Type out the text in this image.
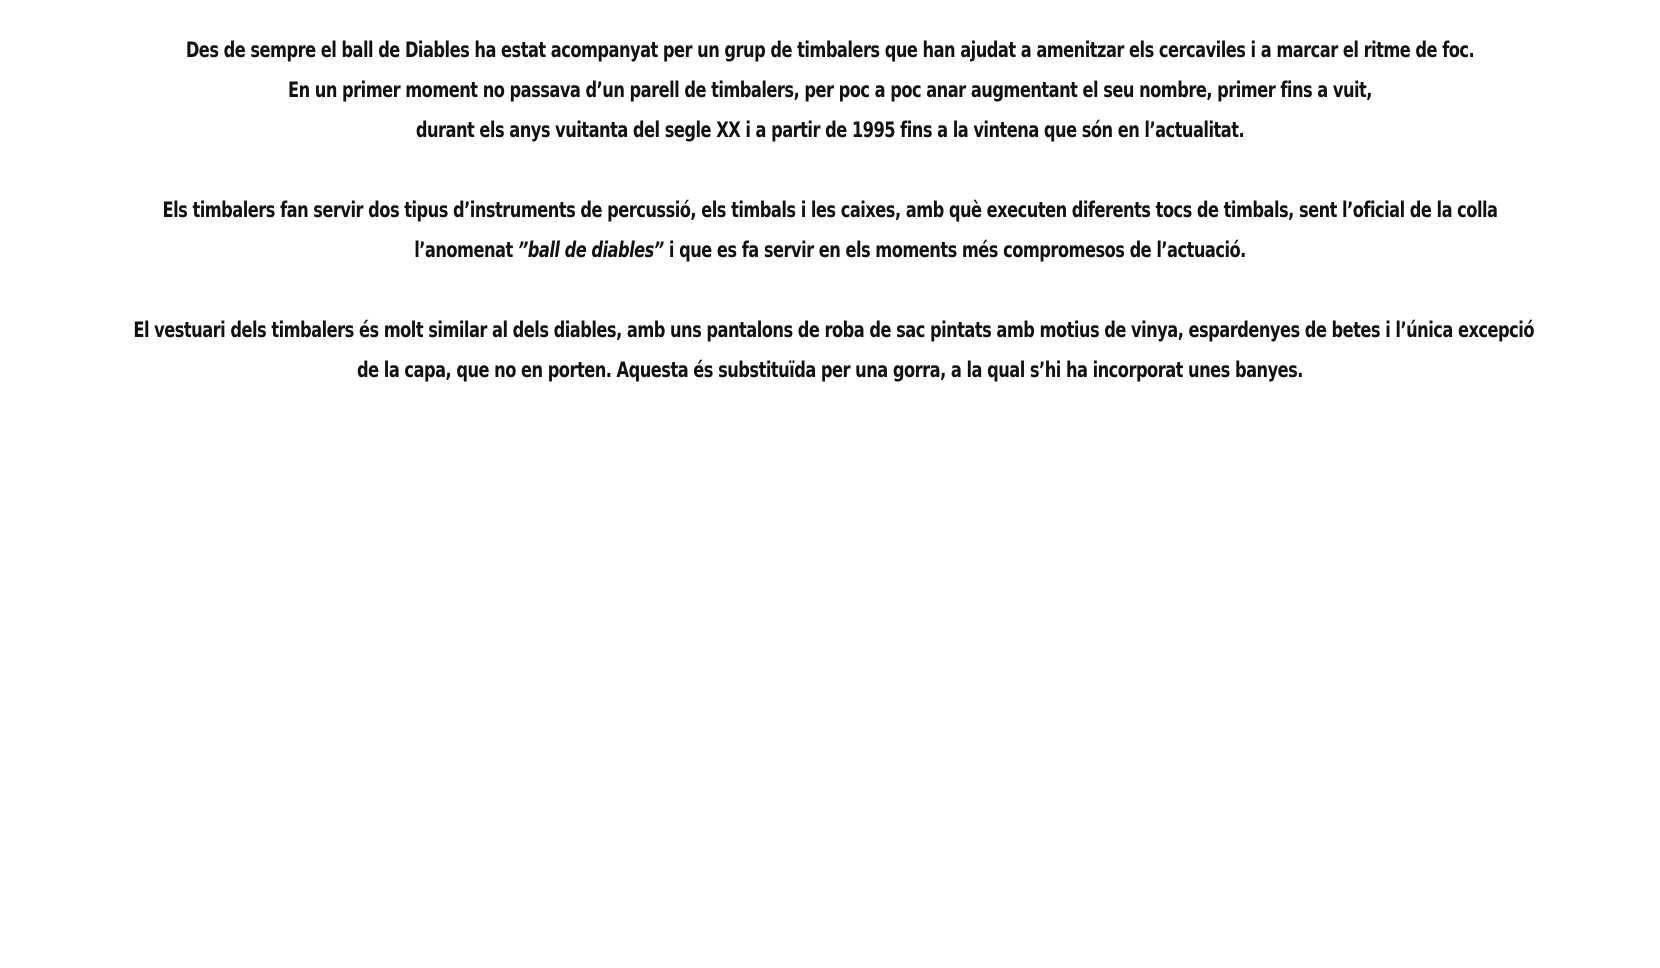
Des de sempre el ball de Diables ha estat acompanyat per un grup de timbalers que han ajudat a amenitzar els cercaviles i a marcar el ritme de foc.
En un primer moment no passava d’un parell de timbalers, per poc a poc anar augmentant el seu nombre, primer fins a vuit,
durant els anys vuitanta del segle XX i a partir de 1995 fins a la vintena que són en l’actualitat.

Els timbalers fan servir dos tipus d’instruments de percussió, els timbals i les caixes, amb què executen diferents tocs de timbals, sent l’oficial de la colla
l’anomenat ”ball de diables” i que es fa servir en els moments més compromesos de l’actuació.

El vestuari dels timbalers és molt similar al dels diables, amb uns pantalons de roba de sac pintats amb motius de vinya, espardenyes de betes i l’única excepció
de la capa, que no en porten. Aquesta és substituïda per una gorra, a la qual s’hi ha incorporat unes banyes.
